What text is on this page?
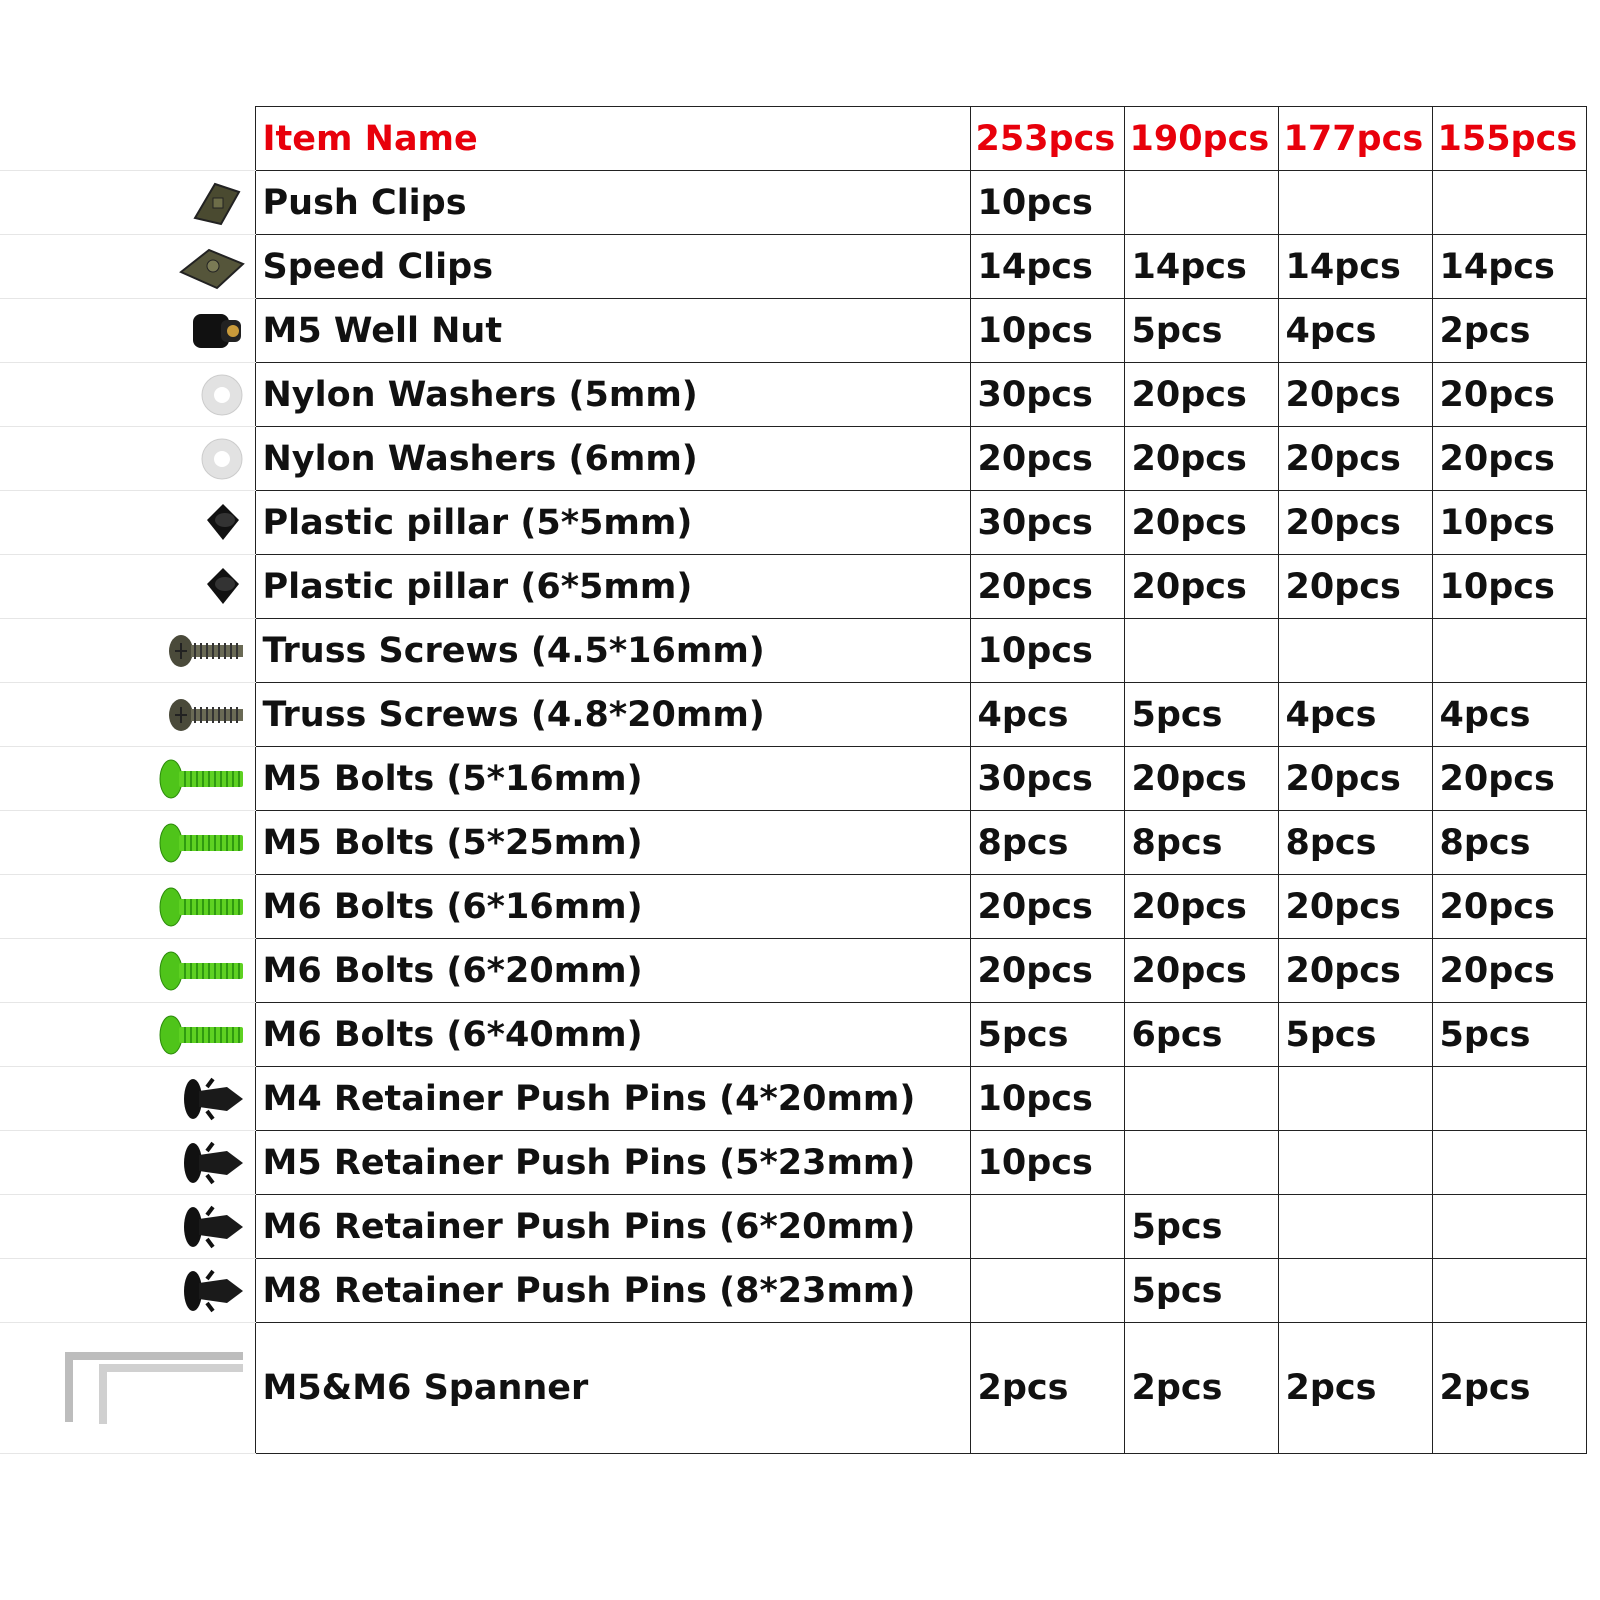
	Item Name	253pcs	190pcs	177pcs	155pcs
	Push Clips	10pcs			
	Speed Clips	14pcs	14pcs	14pcs	14pcs
	M5 Well Nut	10pcs	5pcs	4pcs	2pcs
	Nylon Washers (5mm)	30pcs	20pcs	20pcs	20pcs
	Nylon Washers (6mm)	20pcs	20pcs	20pcs	20pcs
	Plastic pillar (5*5mm)	30pcs	20pcs	20pcs	10pcs
	Plastic pillar (6*5mm)	20pcs	20pcs	20pcs	10pcs
	Truss Screws (4.5*16mm)	10pcs			
	Truss Screws (4.8*20mm)	4pcs	5pcs	4pcs	4pcs
	M5 Bolts (5*16mm)	30pcs	20pcs	20pcs	20pcs
	M5 Bolts (5*25mm)	8pcs	8pcs	8pcs	8pcs
	M6 Bolts (6*16mm)	20pcs	20pcs	20pcs	20pcs
	M6 Bolts (6*20mm)	20pcs	20pcs	20pcs	20pcs
	M6 Bolts (6*40mm)	5pcs	6pcs	5pcs	5pcs
	M4 Retainer Push Pins (4*20mm)	10pcs			
	M5 Retainer Push Pins (5*23mm)	10pcs			
	M6 Retainer Push Pins (6*20mm)		5pcs		
	M8 Retainer Push Pins (8*23mm)		5pcs		
	M5&M6 Spanner	2pcs	2pcs	2pcs	2pcs
